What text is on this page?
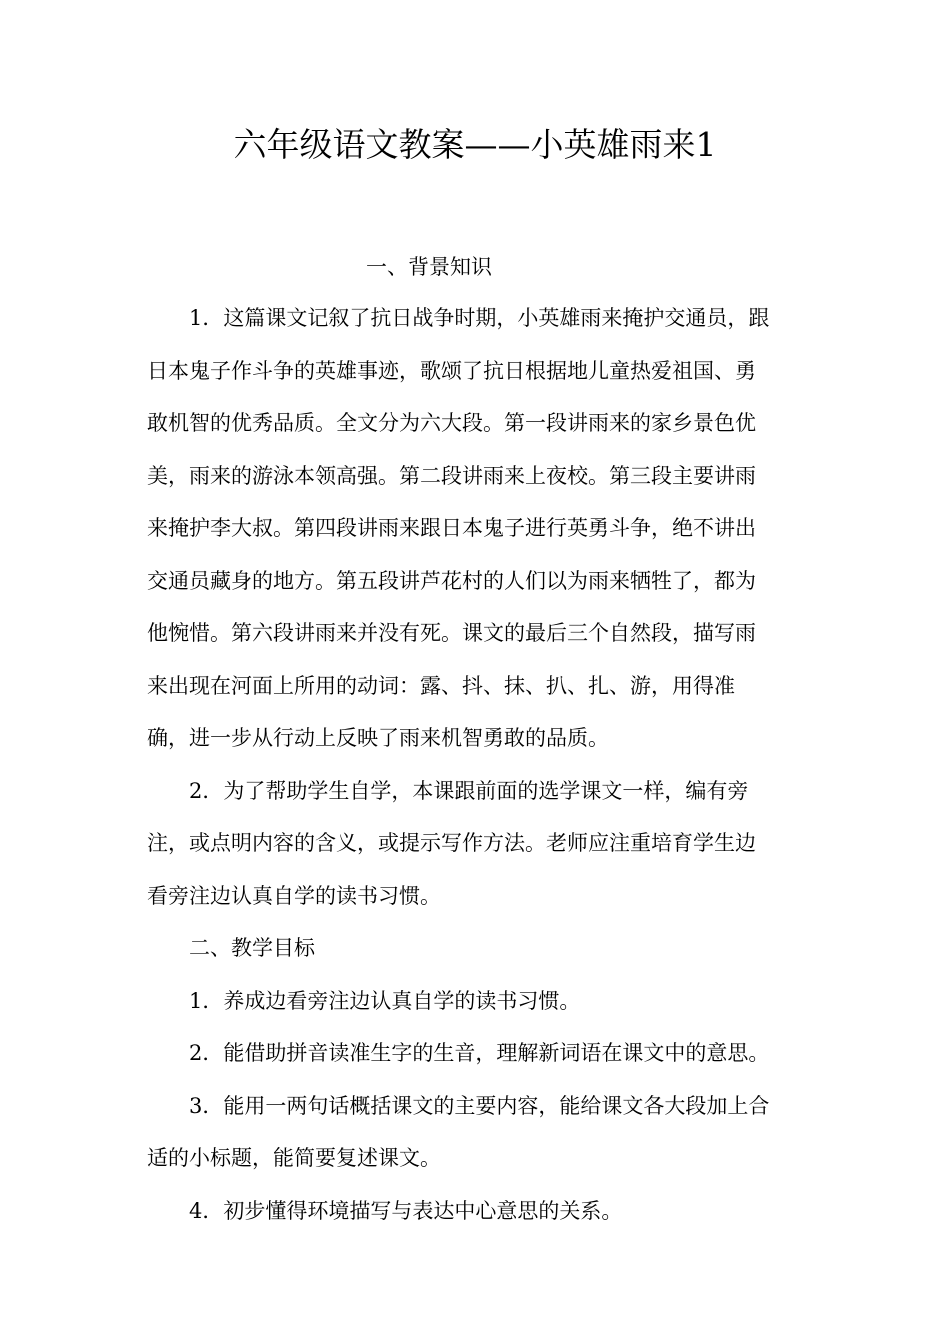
六年级语文教案——小英雄雨来1
一、背景知识

1．这篇课文记叙了抗日战争时期，小英雄雨来掩护交通员，跟

日本鬼子作斗争的英雄事迹，歌颂了抗日根据地儿童热爱祖国、勇
敢机智的优秀品质。全文分为六大段。第一段讲雨来的家乡景色优
美，雨来的游泳本领高强。第二段讲雨来上夜校。第三段主要讲雨
来掩护李大叔。第四段讲雨来跟日本鬼子进行英勇斗争，绝不讲出
交通员藏身的地方。第五段讲芦花村的人们以为雨来牺牲了，都为
他惋惜。第六段讲雨来并没有死。课文的最后三个自然段，描写雨
来出现在河面上所用的动词：露、抖、抹、扒、扎、游，用得准
确，进一步从行动上反映了雨来机智勇敢的品质。

2．为了帮助学生自学，本课跟前面的选学课文一样，编有旁

注，或点明内容的含义，或提示写作方法。老师应注重培育学生边
看旁注边认真自学的读书习惯。

二、教学目标

1．养成边看旁注边认真自学的读书习惯。

2．能借助拼音读准生字的生音，理解新词语在课文中的意思。

3．能用一两句话概括课文的主要内容，能给课文各大段加上合

适的小标题，能简要复述课文。

4．初步懂得环境描写与表达中心意思的关系。
